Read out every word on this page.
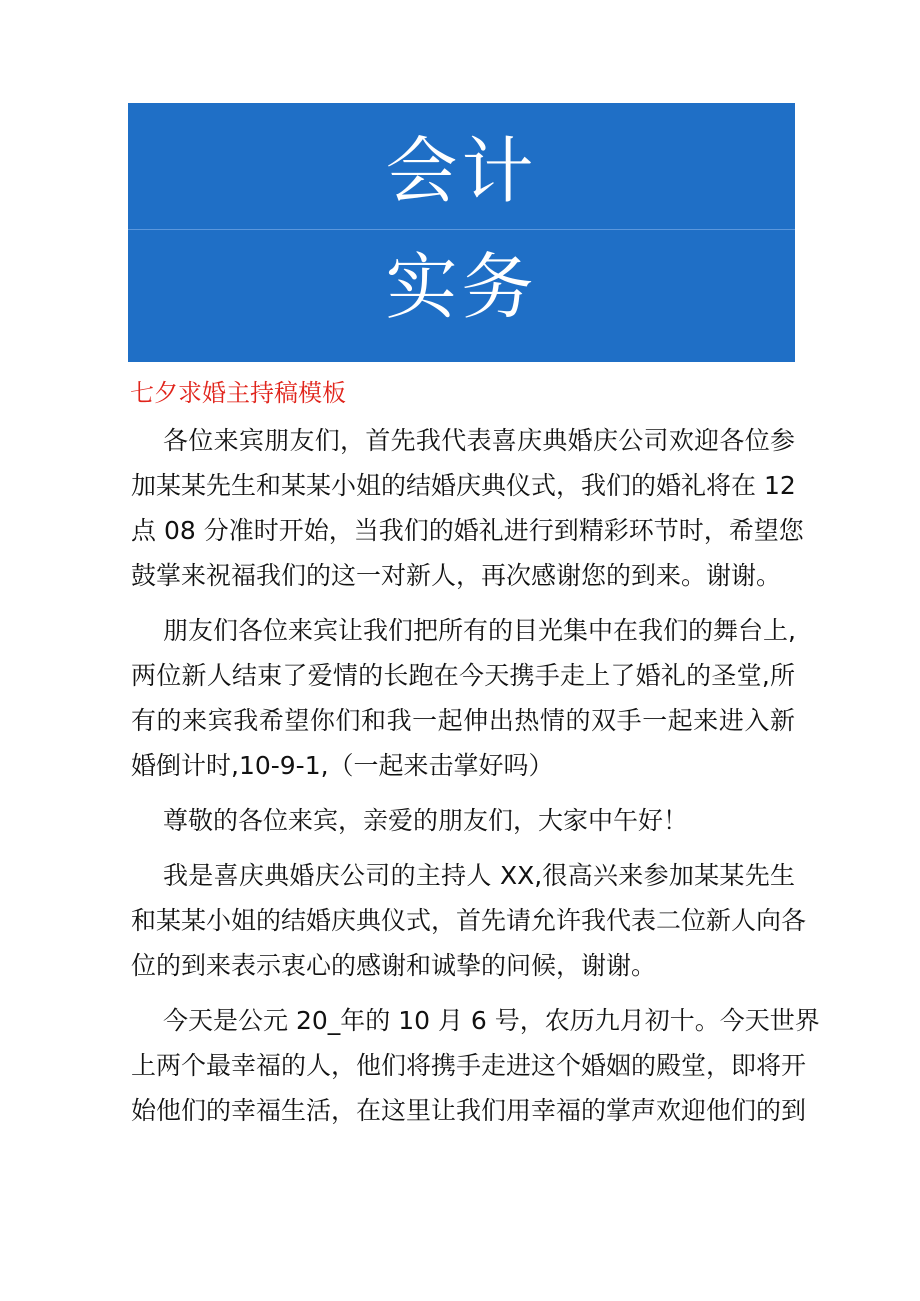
会计
实务
七夕求婚主持稿模板
各位来宾朋友们，首先我代表喜庆典婚庆公司欢迎各位参
加某某先生和某某小姐的结婚庆典仪式，我们的婚礼将在 12
点 08 分准时开始，当我们的婚礼进行到精彩环节时，希望您
鼓掌来祝福我们的这一对新人，再次感谢您的到来。谢谢。
朋友们各位来宾让我们把所有的目光集中在我们的舞台上,
两位新人结束了爱情的长跑在今天携手走上了婚礼的圣堂,所
有的来宾我希望你们和我一起伸出热情的双手一起来进入新
婚倒计时,10-9-1,（一起来击掌好吗）
尊敬的各位来宾，亲爱的朋友们，大家中午好！
我是喜庆典婚庆公司的主持人 XX,很高兴来参加某某先生
和某某小姐的结婚庆典仪式，首先请允许我代表二位新人向各
位的到来表示衷心的感谢和诚挚的问候，谢谢。
今天是公元 20_年的 10 月 6 号，农历九月初十。今天世界
上两个最幸福的人，他们将携手走进这个婚姻的殿堂，即将开
始他们的幸福生活，在这里让我们用幸福的掌声欢迎他们的到
